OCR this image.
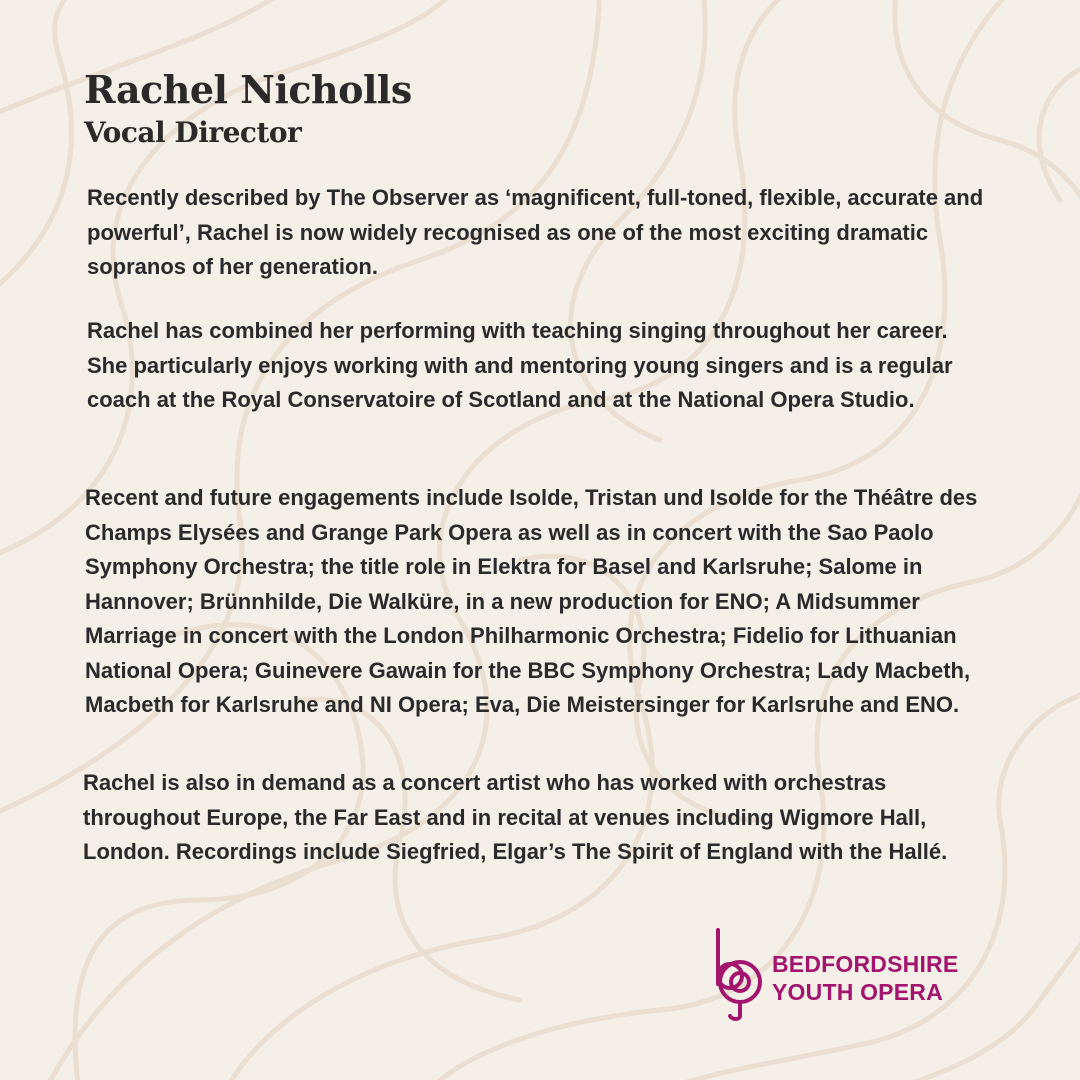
Rachel Nicholls
Vocal Director

Recently described by The Observer as ‘magnificent, full-toned, flexible, accurate and powerful’, Rachel is now widely recognised as one of the most exciting dramatic sopranos of her generation.

Rachel has combined her performing with teaching singing throughout her career. She particularly enjoys working with and mentoring young singers and is a regular coach at the Royal Conservatoire of Scotland and at the National Opera Studio.

Recent and future engagements include Isolde, Tristan und Isolde for the Théâtre des Champs Elysées and Grange Park Opera as well as in concert with the Sao Paolo Symphony Orchestra; the title role in Elektra for Basel and Karlsruhe; Salome in Hannover; Brünnhilde, Die Walküre, in a new production for ENO; A Midsummer Marriage in concert with the London Philharmonic Orchestra; Fidelio for Lithuanian National Opera; Guinevere Gawain for the BBC Symphony Orchestra; Lady Macbeth, Macbeth for Karlsruhe and NI Opera; Eva, Die Meistersinger for Karlsruhe and ENO.

Rachel is also in demand as a concert artist who has worked with orchestras throughout Europe, the Far East and in recital at venues including Wigmore Hall, London. Recordings include Siegfried, Elgar’s The Spirit of England with the Hallé.

BEDFORDSHIRE
YOUTH OPERA
